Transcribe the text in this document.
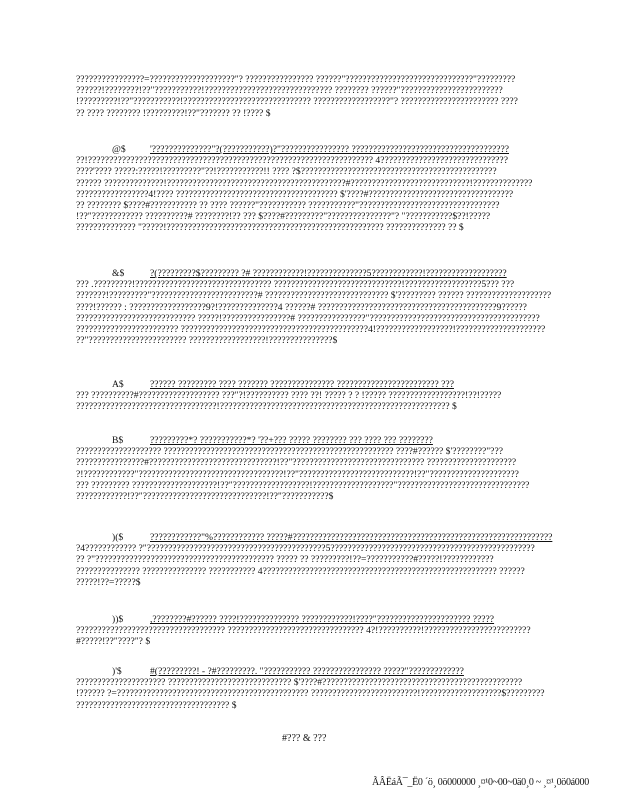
????????????????=????????????????????"? ???????????????? ??????"??????????????????????????????"?????????
??????!????????!??"???????????!?????????????????????????????? ???????? ??????"????????????????????????
!?????????!??"???????????!?????????????????????????????? ??????????????????"? ??????????????????????? ????
?? ???? ???????? !?????????!??"??????? ?? !???? $
@$	'??????????????"?(???????????)?"???????????????? ?????????????????????????????????????
??!??????????????????????????????????????????????????????????????????? 4??????????????????????????????
????'???? ?????:?????!?????????"??!???????????!! ???? ?$??????????????????????????????????????????????
?????? ??????????????!??????????????????????????????????????????#????????????????????????????!??????????????
?????????????????4!???? ?????????????????????????????????????? $'????#??????????????????????????????????
?? ???????? $????#??????????? ?? ???? ??????"??????????? ???????????"?????????????????????????????????
!??"???????????? ??????????# ????????!?? ??? $????#?????????"???????????????"? "???????????$??!?????
?????????????? "?????!??????????????????????????????????????????????????? ?????????????? ?? $
&$	?(?????????$????????? ?# ????????????!??????????????5????????????!???????????????????
??? .?????????!???????????????????????????????? ??????????????????????????????!??????????????????5??? ???
???????!?????????"?????????????????????????# ????????????????????????????? $'????????? ?????? ????????????????????
????!?????? : ??????????????????9?!??????????????4 ??????# ??????????????????????????????????????????9??????
???????????????????????????? ?????!????????????????# ????????????????"????????????????????????????????????????
???????????????????????? ????????????????????????????????????????????4!??????????????????!?????????????????????
??"??????????????????????? ??????????????????!???????????????$
A$	?????? ????????? ???? ??????? ??????????????? ???????????????????????? ???
??? ??????????#??????????????????? ???"?!?????????? ???? ??! ????? ? ? !????? ??????????????????!??!?????
?????????????????????????????????!?????????????????????????????????????????????????????? $
B$	?????????*? ???????????*? '??+??? ????? ???????? ??? ???? ??? ????????
???????????????????? ?????????????????????????????????????????????????????? ????#?????? $'????????"???
????????????????#??????????????????????????????!??"??????????????????????????????? ?????????????????????
?!????????????"??????????????????????????????????!??"???????????????????????????!??"?????????????????????
??? ????????? ????????????????????!??"??????????????????!???????????????????"???????????????????????????????
????????????!??"?????????????????????????????!??"???????????$
)($	????????????"%???????????? ?????#?????????????????????????????????????????????????????????????
?4???????????? ?"??????????????????????????????????????????5????????????????????????????????????????????????
?? ?"?????????????????????????????????????????? ????? ?? ?????????!??=???????????#?????!????????????
??????????????? ??????????????? ??????????? 4??????????????????????????????????????????????????????? ??????
?????!??=?????$
))$	,????????#?????? ????!?????????????? ????????????!????"?????????????????????? ?????
??????????????????????????????????? ???????????????????????????????? 4?!??????????!?????????????????????????
#?????!??"????"? $
)'$	#(?????????! - ?#?????????. "??????????? ???????????????? ?????"?????????????
????????????????????? ????????????????????????????? $'????#???????????????????????????????????????????????
!?????? ?=????????????????????????????????????????????? ?????????????????????????!???????????????????$?????????
???????????????????????????????????? $
#??? & ???
ÃÂËáÃ¯_Ë0 ´ö¸ 0ö000000 ¸¤¹0~00~0ä0¸0 ~ ¸¤¹¸0ö0á000
